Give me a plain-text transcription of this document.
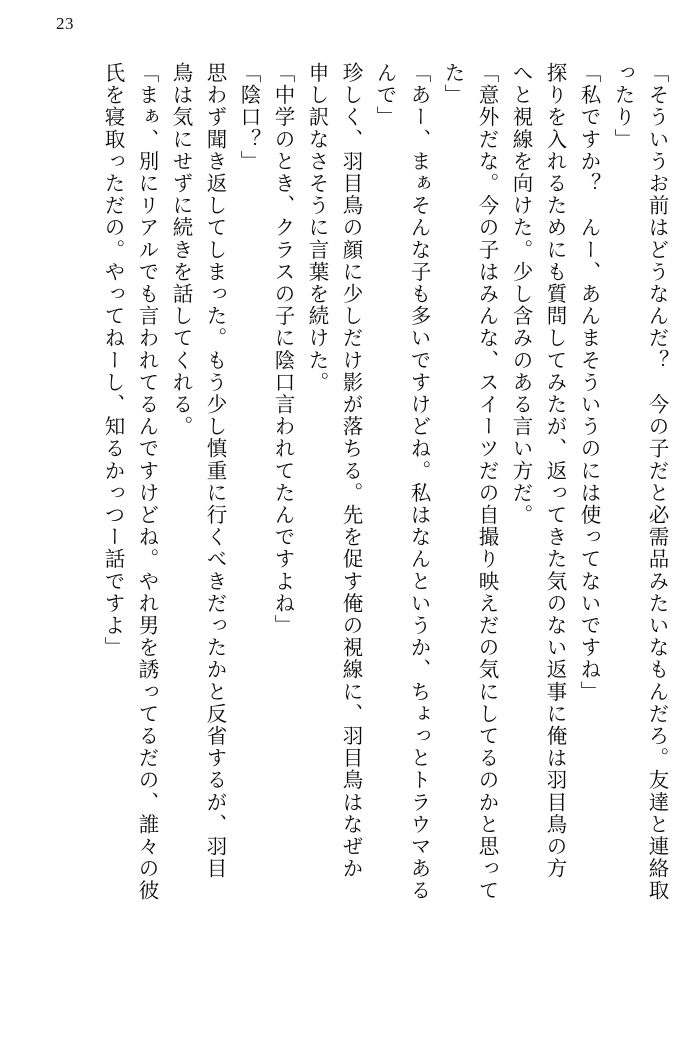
23
「そういうお前はどうなんだ？　今の子だと必需品みたいなもんだろ。友達と連絡取
ったり」
「私ですか？　んー、あんまそういうのには使ってないですね」
探りを入れるためにも質問してみたが、返ってきた気のない返事に俺は羽目鳥の方
へと視線を向けた。少し含みのある言い方だ。
「意外だな。今の子はみんな、スイーツだの自撮り映えだの気にしてるのかと思って
た」
「あー、まぁそんな子も多いですけどね。私はなんというか、ちょっとトラウマある
んで」
珍しく、羽目鳥の顔に少しだけ影が落ちる。先を促す俺の視線に、羽目鳥はなぜか
申し訳なさそうに言葉を続けた。
「中学のとき、クラスの子に陰口言われてたんですよね」
「陰口？」
思わず聞き返してしまった。もう少し慎重に行くべきだったかと反省するが、羽目
鳥は気にせずに続きを話してくれる。
「まぁ、別にリアルでも言われてるんですけどね。やれ男を誘ってるだの、誰々の彼
氏を寝取っただの。やってねーし、知るかっつー話ですよ」
